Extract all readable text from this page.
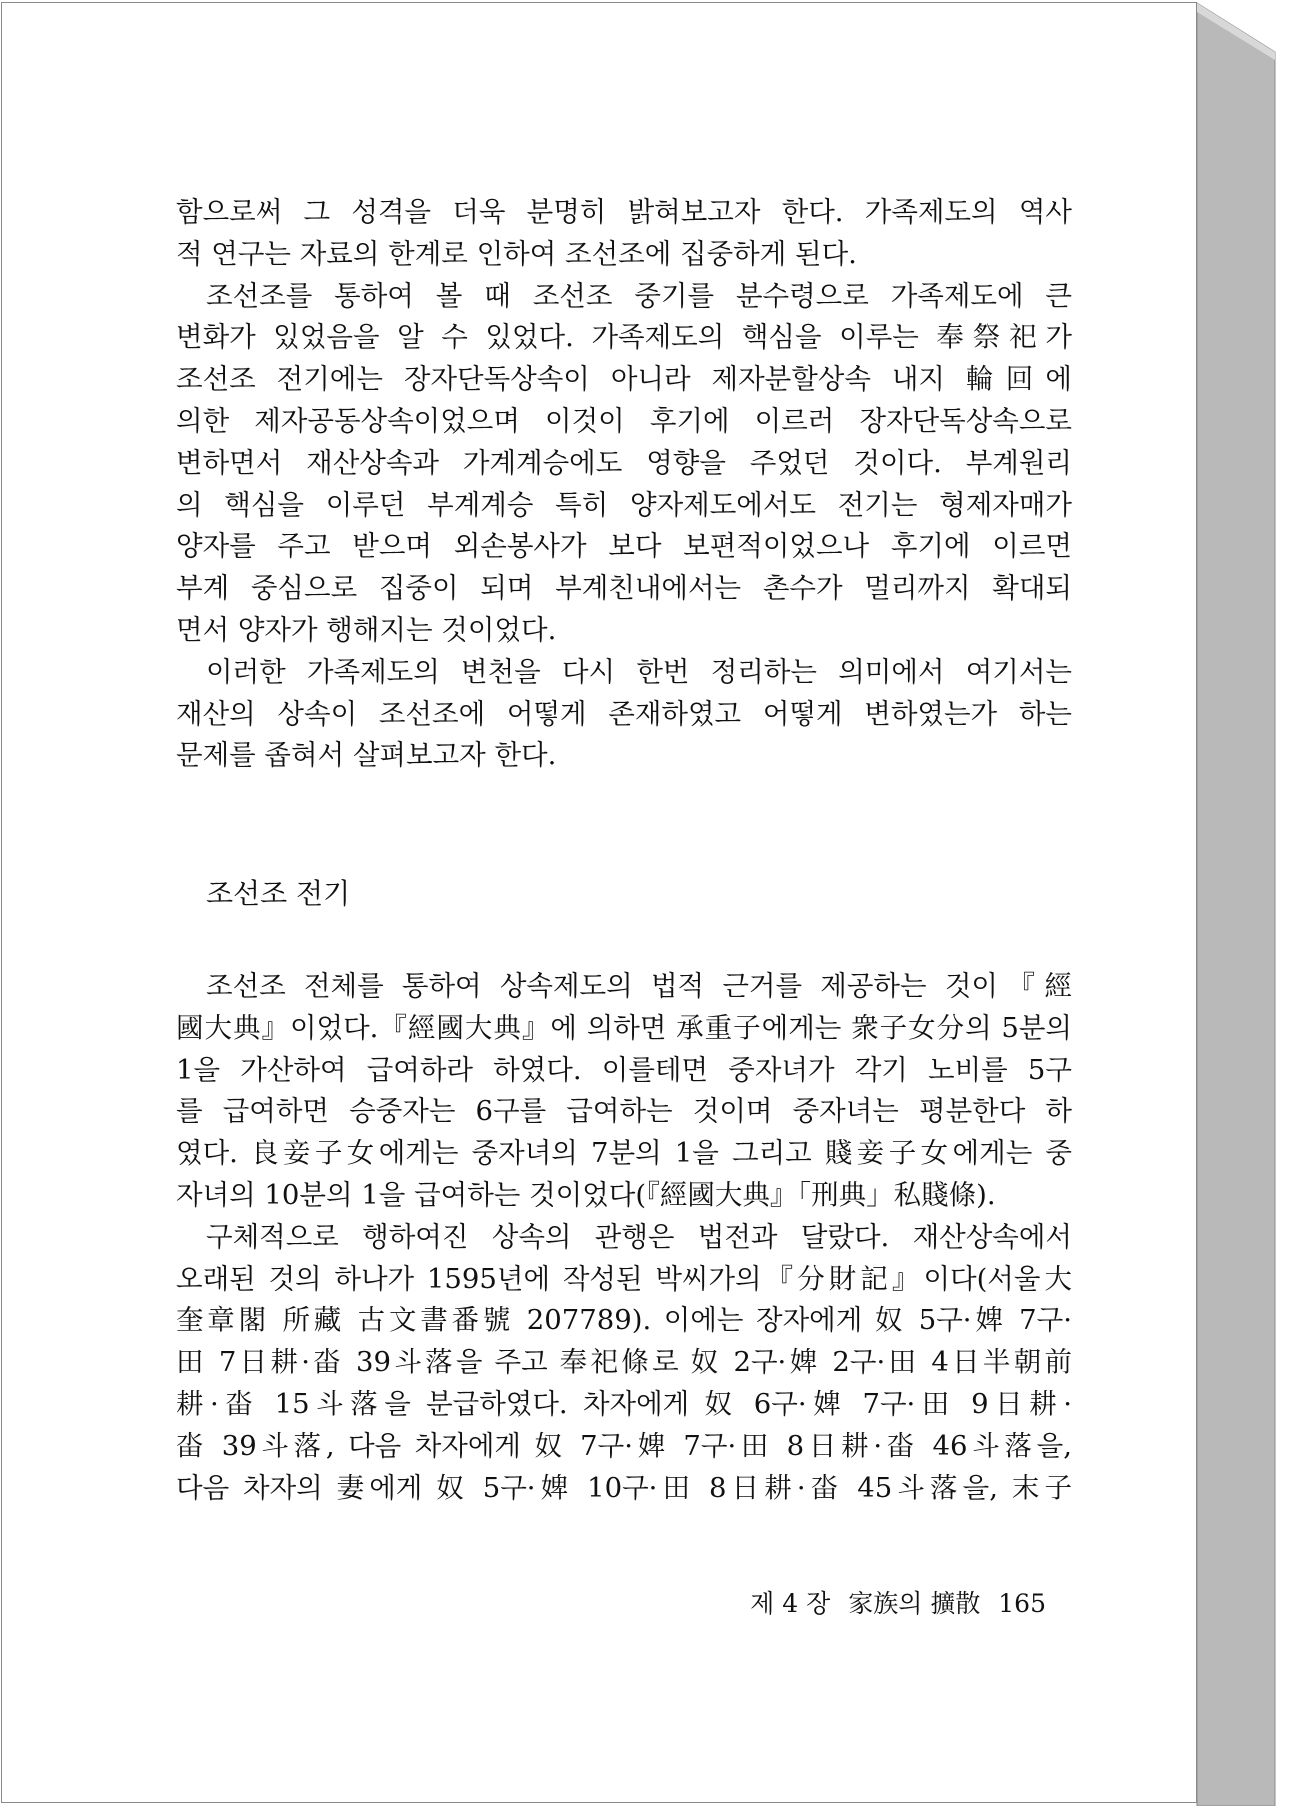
함으로써 그 성격을 더욱 분명히 밝혀보고자 한다. 가족제도의 역사
적 연구는 자료의 한계로 인하여 조선조에 집중하게 된다.
조선조를 통하여 볼 때 조선조 중기를 분수령으로 가족제도에 큰
변화가 있었음을 알 수 있었다. 가족제도의 핵심을 이루는 奉祭祀가
조선조 전기에는 장자단독상속이 아니라 제자분할상속 내지 輪回에
의한 제자공동상속이었으며 이것이 후기에 이르러 장자단독상속으로
변하면서 재산상속과 가계계승에도 영향을 주었던 것이다. 부계원리
의 핵심을 이루던 부계계승 특히 양자제도에서도 전기는 형제자매가
양자를 주고 받으며 외손봉사가 보다 보편적이었으나 후기에 이르면
부계 중심으로 집중이 되며 부계친내에서는 촌수가 멀리까지 확대되
면서 양자가 행해지는 것이었다.
이러한 가족제도의 변천을 다시 한번 정리하는 의미에서 여기서는
재산의 상속이 조선조에 어떻게 존재하였고 어떻게 변하였는가 하는
문제를 좁혀서 살펴보고자 한다.
조선조 전기
조선조 전체를 통하여 상속제도의 법적 근거를 제공하는 것이『經
國大典』이었다.『經國大典』에 의하면 承重子에게는 衆子女分의 5분의
1을 가산하여 급여하라 하였다. 이를테면 중자녀가 각기 노비를 5구
를 급여하면 승중자는 6구를 급여하는 것이며 중자녀는 평분한다 하
였다. 良妾子女에게는 중자녀의 7분의 1을 그리고 賤妾子女에게는 중
자녀의 10분의 1을 급여하는 것이었다(『經國大典』「刑典」私賤條).
구체적으로 행하여진 상속의 관행은 법전과 달랐다. 재산상속에서
오래된 것의 하나가 1595년에 작성된 박씨가의『分財記』이다(서울大
奎章閣 所藏 古文書番號 207789). 이에는 장자에게 奴 5구·婢 7구·
田 7日耕·畓 39斗落을 주고 奉祀條로 奴 2구·婢 2구·田 4日半朝前
耕·畓 15斗落을 분급하였다. 차자에게 奴 6구·婢 7구·田 9日耕·
畓 39斗落, 다음 차자에게 奴 7구·婢 7구·田 8日耕·畓 46斗落을,
다음 차자의 妻에게 奴 5구·婢 10구·田 8日耕·畓 45斗落을, 末子
제 4 장 家族의 擴散 165
